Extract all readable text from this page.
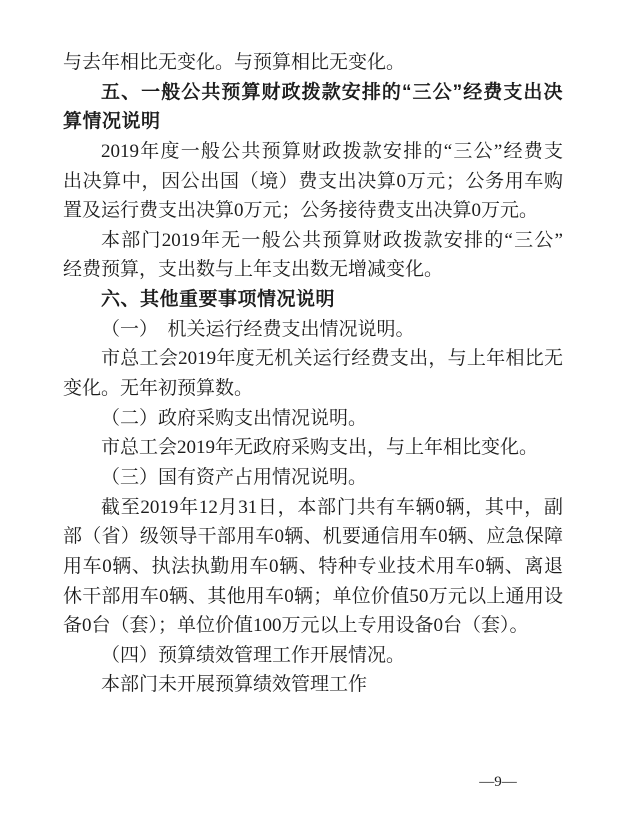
与去年相比无变化。与预算相比无变化。
五、一般公共预算财政拨款安排的“三公”经费支出决
算情况说明
2019年度一般公共预算财政拨款安排的“三公”经费支
出决算中，因公出国（境）费支出决算0万元；公务用车购
置及运行费支出决算0万元；公务接待费支出决算0万元。
本部门2019年无一般公共预算财政拨款安排的“三公”
经费预算，支出数与上年支出数无增减变化。
六、其他重要事项情况说明
（一）　机关运行经费支出情况说明。
市总工会2019年度无机关运行经费支出，与上年相比无
变化。无年初预算数。
（二）政府采购支出情况说明。
市总工会2019年无政府采购支出，与上年相比变化。
（三）国有资产占用情况说明。
截至2019年12月31日，本部门共有车辆0辆，其中，副
部（省）级领导干部用车0辆、机要通信用车0辆、应急保障
用车0辆、执法执勤用车0辆、特种专业技术用车0辆、离退
休干部用车0辆、其他用车0辆；单位价值50万元以上通用设
备0台（套）；单位价值100万元以上专用设备0台（套）。
（四）预算绩效管理工作开展情况。
本部门未开展预算绩效管理工作
—9—
